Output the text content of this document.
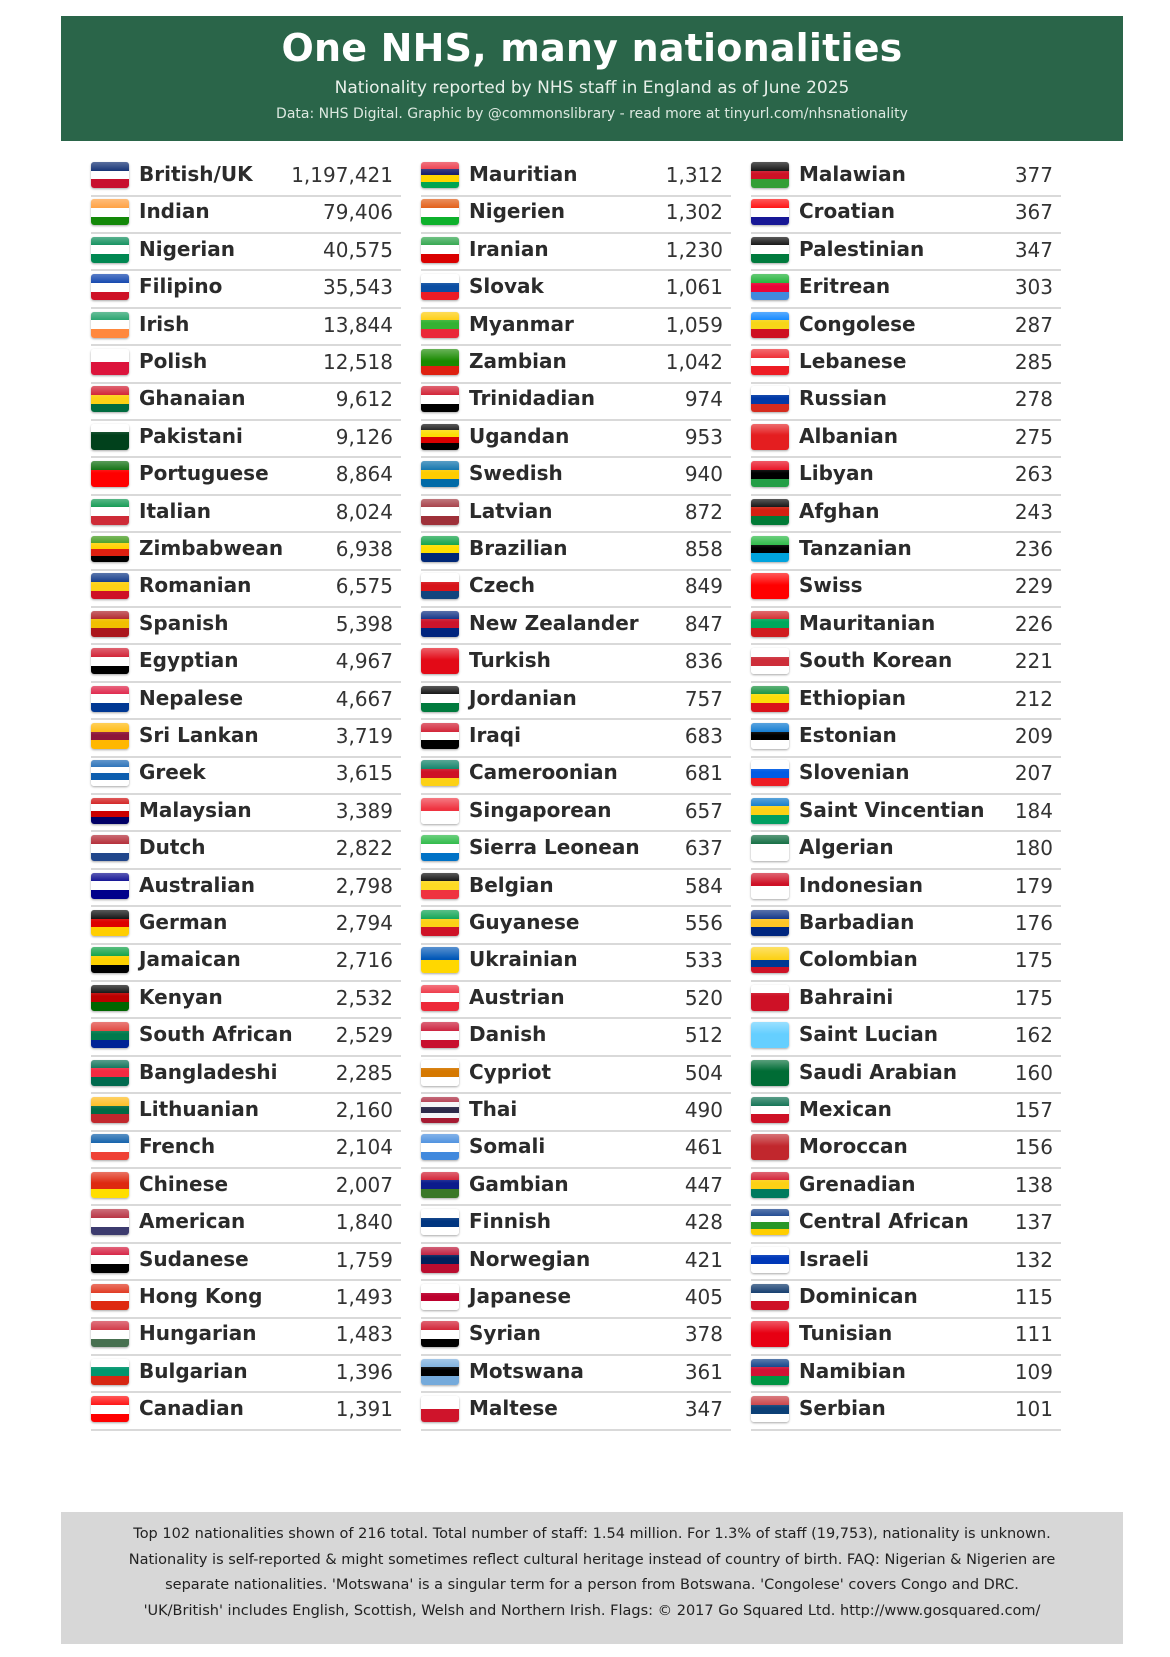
One NHS, many nationalities
Nationality reported by NHS staff in England as of June 2025
Data: NHS Digital. Graphic by @commonslibrary - read more at tinyurl.com/nhsnationality
British/UK 1,197,421
Indian	79,406
Nigerian	40,575
Filipino	35,543
Irish	13,844
Polish	12,518
Ghanaian	9,612
Pakistani	9,126
Portuguese	8,864
Italian	8,024
Zimbabwean	6,938
Romanian	6,575
Spanish	5,398
Egyptian	4,967
Nepalese	4,667
Sri Lankan	3,719
Greek	3,615
Malaysian	3,389
Dutch	2,822
Australian	2,798
German	2,794
Jamaican	2,716
Kenyan	2,532
South African 2,529
Bangladeshi	2,285
Lithuanian	2,160
French	2,104
Chinese	2,007
American	1,840
Sudanese	1,759
Hong Kong	1,493
Hungarian	1,483
Bulgarian	1,396
Canadian	1,391
Mauritian	1,312
Nigerien	1,302
Iranian	1,230
Slovak	1,061
Myanmar	1,059
Zambian	1,042
Trinidadian	974
Ugandan	953
Swedish	940
Latvian	872
Brazilian	858
Czech	849
New Zealander 847
Turkish	836
Jordanian	757
Iraqi	683
Cameroonian	681
Singaporean	657
Sierra Leonean 637
Belgian	584
Guyanese	556
Ukrainian	533
Austrian	520
Danish	512
Cypriot	504
Thai	490
Somali	461
Gambian	447
Finnish	428
Norwegian	421
Japanese	405
Syrian	378
Motswana	361
Maltese	347
Malawian	377
Croatian	367
Palestinian	347
Eritrean	303
Congolese	287
Lebanese	285
Russian	278
Albanian	275
Libyan	263
Afghan	243
Tanzanian	236
Swiss	229
Mauritanian	226
South Korean	221
Ethiopian	212
Estonian	209
Slovenian	207
Saint Vincentian 184
Algerian	180
Indonesian	179
Barbadian	176
Colombian	175
Bahraini	175
Saint Lucian	162
Saudi Arabian	160
Mexican	157
Moroccan	156
Grenadian	138
Central African 137
Israeli	132
Dominican	115
Tunisian	111
Namibian	109
Serbian	101
Top 102 nationalities shown of 216 total. Total number of staff: 1.54 million. For 1.3% of staff (19,753), nationality is unknown.
Nationality is self-reported & might sometimes reflect cultural heritage instead of country of birth. FAQ: Nigerian & Nigerien are
separate nationalities. 'Motswana' is a singular term for a person from Botswana. 'Congolese' covers Congo and DRC.
'UK/British' includes English, Scottish, Welsh and Northern Irish. Flags: © 2017 Go Squared Ltd. http://www.gosquared.com/
